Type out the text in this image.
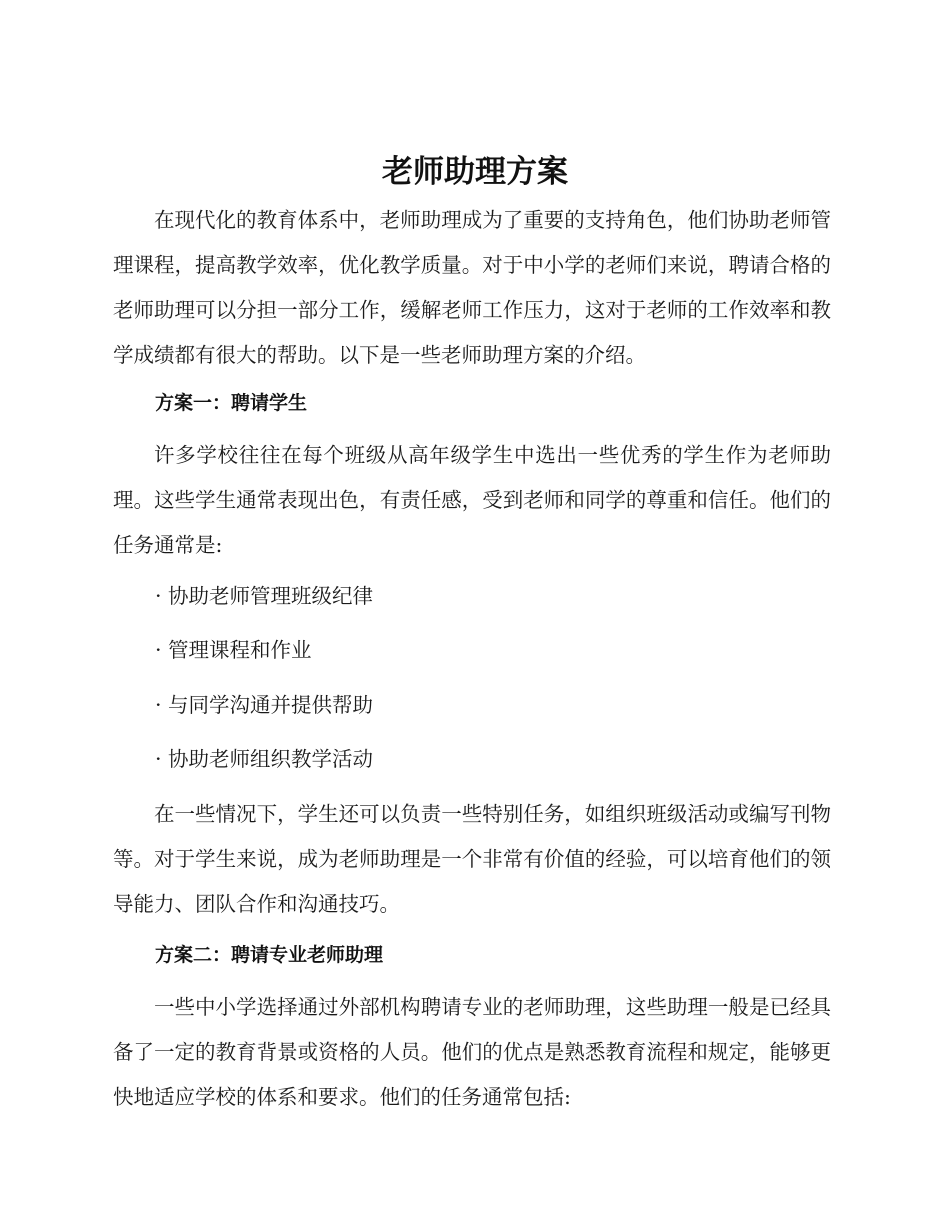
老师助理方案

在现代化的教育体系中，老师助理成为了重要的支持角色，他们协助老师管理课程，提高教学效率，优化教学质量。对于中小学的老师们来说，聘请合格的老师助理可以分担一部分工作，缓解老师工作压力，这对于老师的工作效率和教学成绩都有很大的帮助。以下是一些老师助理方案的介绍。

方案一：聘请学生

许多学校往往在每个班级从高年级学生中选出一些优秀的学生作为老师助理。这些学生通常表现出色，有责任感，受到老师和同学的尊重和信任。他们的任务通常是:

· 协助老师管理班级纪律

· 管理课程和作业

· 与同学沟通并提供帮助

· 协助老师组织教学活动

在一些情况下，学生还可以负责一些特别任务，如组织班级活动或编写刊物等。对于学生来说，成为老师助理是一个非常有价值的经验，可以培育他们的领导能力、团队合作和沟通技巧。

方案二：聘请专业老师助理

一些中小学选择通过外部机构聘请专业的老师助理，这些助理一般是已经具备了一定的教育背景或资格的人员。他们的优点是熟悉教育流程和规定，能够更快地适应学校的体系和要求。他们的任务通常包括:
